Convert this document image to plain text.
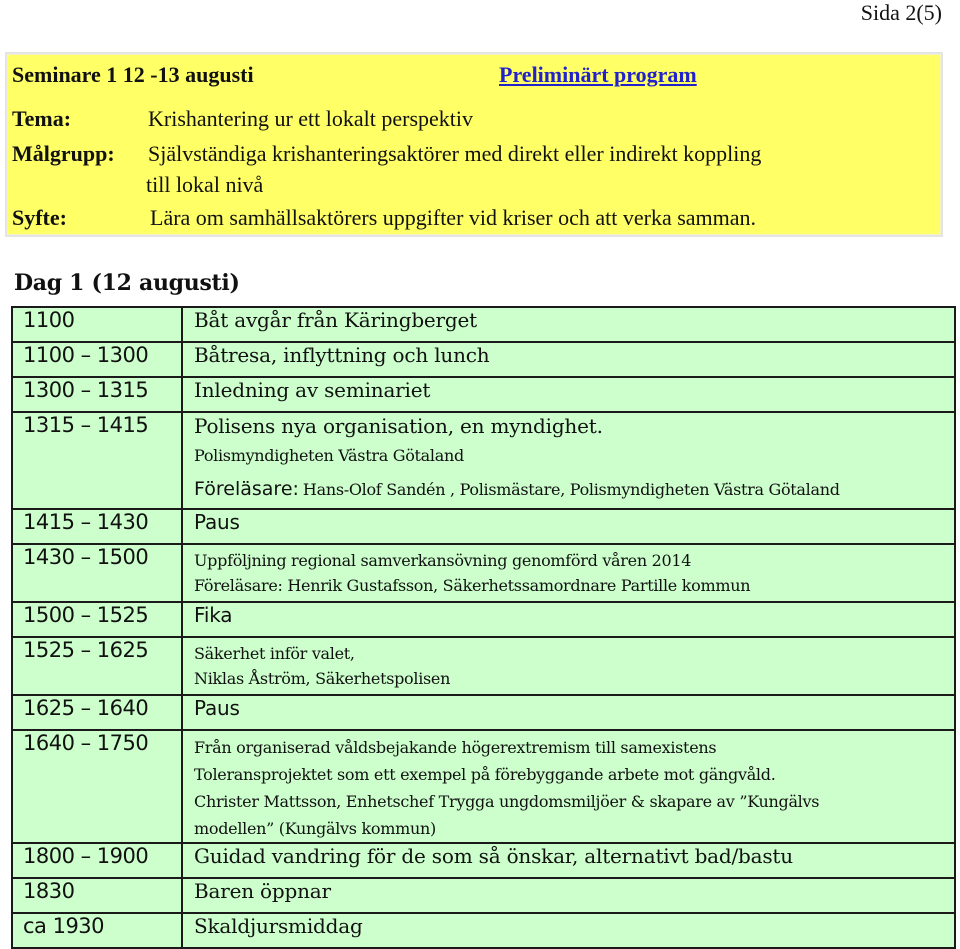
Sida 2(5)
Seminare 1 12 -13 augusti	Preliminärt program
Tema:	Krishantering ur ett lokalt perspektiv
Målgrupp: Självständiga krishanteringsaktörer med direkt eller indirekt koppling
till lokal nivå
Syfte:	Lära om samhällsaktörers uppgifter vid kriser och att verka samman.
Dag 1 (12 augusti)
1100	Båt avgår från Käringberget

1100 – 1300	Båtresa, inflyttning och lunch

1300 – 1315	Inledning av seminariet

1315 – 1415	Polisens nya organisation, en myndighet.
Polismyndigheten Västra Götaland
Föreläsare: Hans-Olof Sandén , Polismästare, Polismyndigheten Västra Götaland

1415 – 1430	Paus

1430 – 1500	Uppföljning regional samverkansövning genomförd våren 2014
Föreläsare: Henrik Gustafsson, Säkerhetssamordnare Partille kommun

1500 – 1525	Fika

1525 – 1625	Säkerhet inför valet,
Niklas Åström, Säkerhetspolisen

1625 – 1640	Paus

1640 – 1750	Från organiserad våldsbejakande högerextremism till samexistens
Toleransprojektet som ett exempel på förebyggande arbete mot gängvåld.
Christer Mattsson, Enhetschef Trygga ungdomsmiljöer & skapare av ”Kungälvs
modellen” (Kungälvs kommun)

1800 – 1900	Guidad vandring för de som så önskar, alternativt bad/bastu

1830	Baren öppnar

ca 1930	Skaldjursmiddag
